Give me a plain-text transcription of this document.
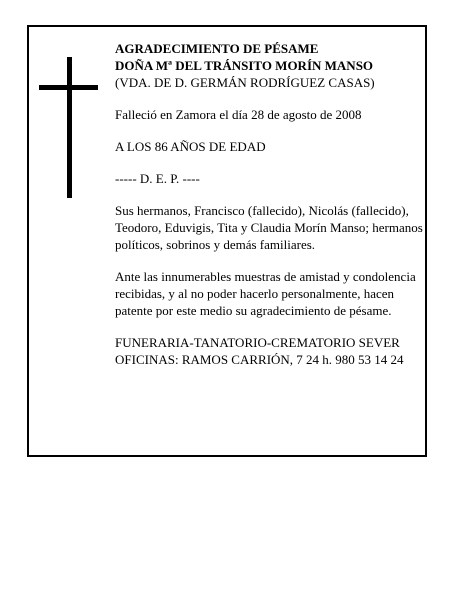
AGRADECIMIENTO DE PÉSAME

DOÑA Mª DEL TRÁNSITO MORÍN MANSO

(VDA. DE D. GERMÁN RODRÍGUEZ CASAS)

Falleció en Zamora el día 28 de agosto de 2008

A LOS 86 AÑOS DE EDAD

----- D. E. P. ----

Sus hermanos, Francisco (fallecido), Nicolás (fallecido), Teodoro, Eduvigis, Tita y Claudia Morín Manso; hermanos políticos, sobrinos y demás familiares.

Ante las innumerables muestras de amistad y condolencia recibidas, y al no poder hacerlo personalmente, hacen patente por este medio su agradecimiento de pésame.

FUNERARIA-TANATORIO-CREMATORIO SEVER

OFICINAS: RAMOS CARRIÓN, 7 24 h. 980 53 14 24
